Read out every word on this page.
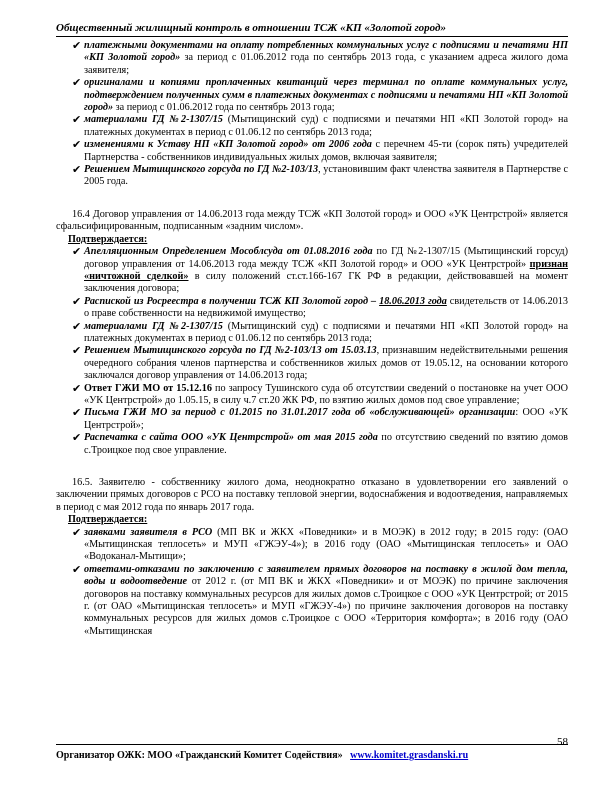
Общественный жилищный контроль в отношении ТСЖ «КП «Золотой город»
✔ платежными документами на оплату потребленных коммунальных услуг с подписями и печатями НП «КП Золотой город» за период с 01.06.2012 года по сентябрь 2013 года, с указанием адреса жилого дома заявителя;
✔ оригиналами и копиями проплаченных квитанций через терминал по оплате коммунальных услуг, подтверждением полученных сумм в платежных документах с подписями и печатями НП «КП Золотой город» за период с 01.06.2012 года по сентябрь 2013 года;
✔ материалами ГД №2-1307/15 (Мытищинский суд) с подписями и печатями НП «КП Золотой город» на платежных документах в период с 01.06.12 по сентябрь 2013 года;
✔ изменениями к Уставу НП «КП Золотой город» от 2006 года с перечнем 45-ти (сорок пять) учредителей Партнерства - собственников индивидуальных жилых домов, включая заявителя;
✔ Решением Мытищинского горсуда по ГД №2-103/13, установившим факт членства заявителя в Партнерстве с 2005 года.
16.4 Договор управления от 14.06.2013 года между ТСЖ «КП Золотой город» и ООО «УК Центрстрой» является сфальсифицированным, подписанным «задним числом».
Подтверждается:
✔ Апелляционным Определением Мособлсуда от 01.08.2016 года по ГД №2-1307/15 (Мытищинский горсуд) договор управления от 14.06.2013 года между ТСЖ «КП Золотой город» и ООО «УК Центрстрой» признан «ничтожной сделкой» в силу положений ст.ст.166-167 ГК РФ в редакции, действовавшей на момент заключения договора;
✔ Распиской из Росреестра в получении ТСЖ КП Золотой город – 18.06.2013 года свидетельств от 14.06.2013 о праве собственности на недвижимой имущество;
✔ материалами ГД №2-1307/15 (Мытищинский суд) с подписями и печатями НП «КП Золотой город» на платежных документах в период с 01.06.12 по сентябрь 2013 года;
✔ Решением Мытищинского горсуда по ГД №2-103/13 от 15.03.13, признавшим недействительными решения очередного собрания членов партнерства и собственников жилых домов от 19.05.12, на основании которого заключался договор управления от 14.06.2013 года;
✔ Ответ ГЖИ МО от 15.12.16 по запросу Тушинского суда об отсутствии сведений о постановке на учет ООО «УК Центрстрой» до 1.05.15, в силу ч.7 ст.20 ЖК РФ, по взятию жилых домов под свое управление;
✔ Письма ГЖИ МО за период с 01.2015 по 31.01.2017 года об «обслуживающей» организации: ООО «УК Центрстрой»;
✔ Распечатка с сайта ООО «УК Центрстрой» от мая 2015 года по отсутствию сведений по взятию домов с.Троицкое под свое управление.
16.5. Заявителю - собственнику жилого дома, неоднократно отказано в удовлетворении его заявлений о заключении прямых договоров с РСО на поставку тепловой энергии, водоснабжения и водоотведения, направляемых в период с мая 2012 года по январь 2017 года.
Подтверждается:
✔ заявками заявителя в РСО (МП ВК и ЖКХ «Поведники» и в МОЭК) в 2012 году; в 2015 году: (ОАО «Мытищинская теплосеть» и МУП «ГЖЭУ-4»); в 2016 году (ОАО «Мытищинская теплосеть» и ОАО «Водоканал-Мытищи»;
✔ ответами-отказами по заключению с заявителем прямых договоров на поставку в жилой дом тепла, воды и водоотведение от 2012 г. (от МП ВК и ЖКХ «Поведники» и от МОЭК) по причине заключения договоров на поставку коммунальных ресурсов для жилых домов с.Троицкое с ООО «УК Центрстрой; от 2015 г. (от ОАО «Мытищинская теплосеть» и МУП «ГЖЭУ-4») по причине заключения договоров на поставку коммунальных ресурсов для жилых домов с.Троицкое с ООО «Территория комфорта»; в 2016 году (ОАО «Мытищинская
58
Организатор ОЖК: МОО «Гражданский Комитет Содействия» www.komitet.grasdanski.ru
